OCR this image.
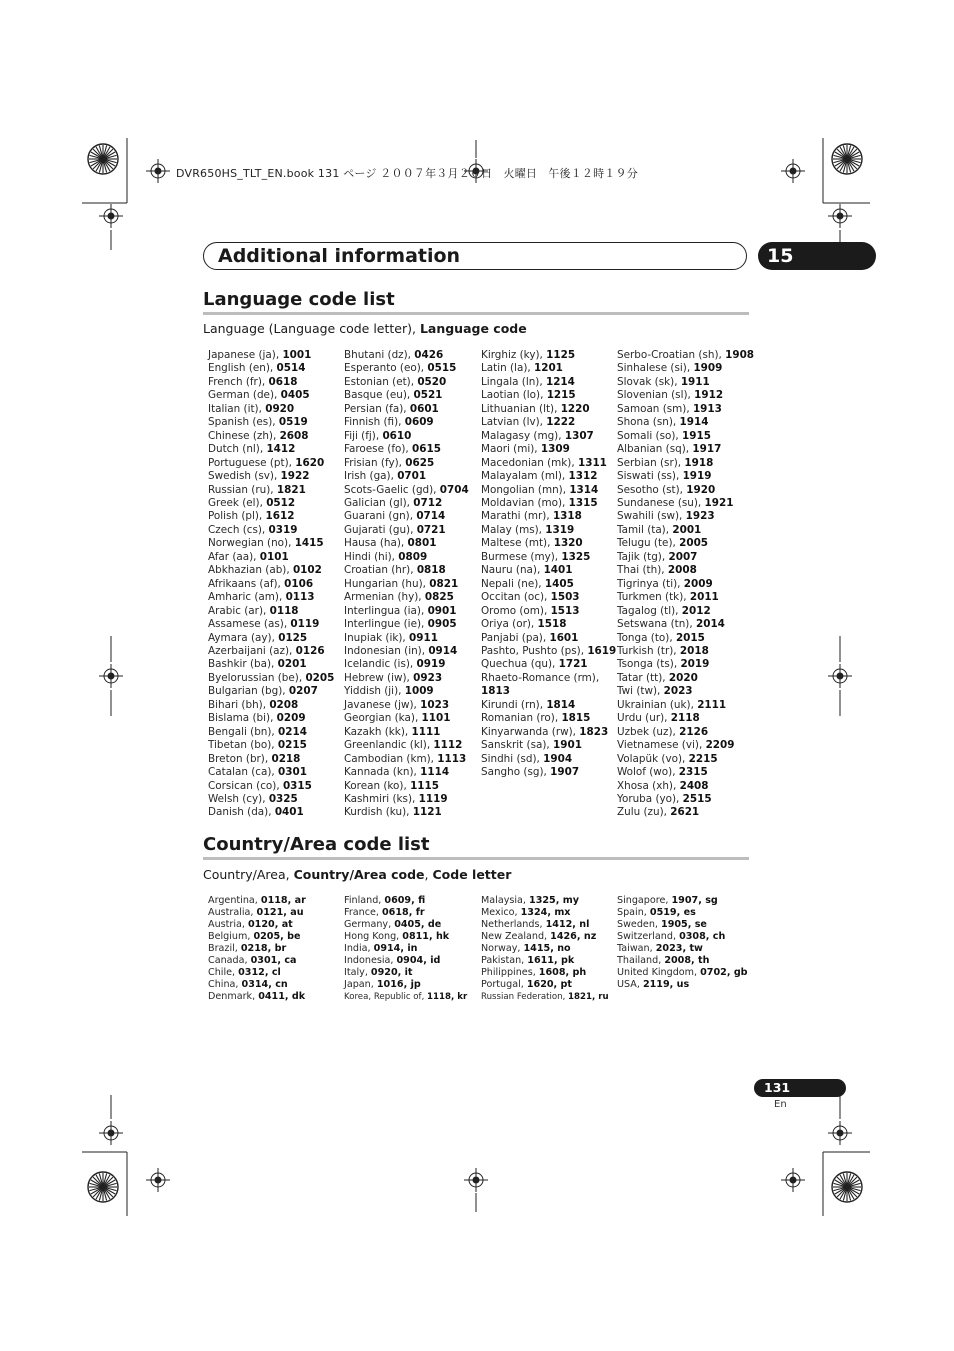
DVR650HS_TLT_EN.book 131 ページ ２００７年３月２０日　火曜日　午後１２時１９分
Additional information	15
Language code list
Language (Language code letter), Language code
Japanese (ja), 1001
English (en), 0514
French (fr), 0618
German (de), 0405
Italian (it), 0920
Spanish (es), 0519
Chinese (zh), 2608
Dutch (nl), 1412
Portuguese (pt), 1620
Swedish (sv), 1922
Russian (ru), 1821
Greek (el), 0512
Polish (pl), 1612
Czech (cs), 0319
Norwegian (no), 1415
Afar (aa), 0101
Abkhazian (ab), 0102
Afrikaans (af), 0106
Amharic (am), 0113
Arabic (ar), 0118
Assamese (as), 0119
Aymara (ay), 0125
Azerbaijani (az), 0126
Bashkir (ba), 0201
Byelorussian (be), 0205
Bulgarian (bg), 0207
Bihari (bh), 0208
Bislama (bi), 0209
Bengali (bn), 0214
Tibetan (bo), 0215
Breton (br), 0218
Catalan (ca), 0301
Corsican (co), 0315
Welsh (cy), 0325
Danish (da), 0401
Bhutani (dz), 0426
Esperanto (eo), 0515
Estonian (et), 0520
Basque (eu), 0521
Persian (fa), 0601
Finnish (fi), 0609
Fiji (fj), 0610
Faroese (fo), 0615
Frisian (fy), 0625
Irish (ga), 0701
Scots-Gaelic (gd), 0704
Galician (gl), 0712
Guarani (gn), 0714
Gujarati (gu), 0721
Hausa (ha), 0801
Hindi (hi), 0809
Croatian (hr), 0818
Hungarian (hu), 0821
Armenian (hy), 0825
Interlingua (ia), 0901
Interlingue (ie), 0905
Inupiak (ik), 0911
Indonesian (in), 0914
Icelandic (is), 0919
Hebrew (iw), 0923
Yiddish (ji), 1009
Javanese (jw), 1023
Georgian (ka), 1101
Kazakh (kk), 1111
Greenlandic (kl), 1112
Cambodian (km), 1113
Kannada (kn), 1114
Korean (ko), 1115
Kashmiri (ks), 1119
Kurdish (ku), 1121
Kirghiz (ky), 1125
Latin (la), 1201
Lingala (ln), 1214
Laotian (lo), 1215
Lithuanian (lt), 1220
Latvian (lv), 1222
Malagasy (mg), 1307
Maori (mi), 1309
Macedonian (mk), 1311
Malayalam (ml), 1312
Mongolian (mn), 1314
Moldavian (mo), 1315
Marathi (mr), 1318
Malay (ms), 1319
Maltese (mt), 1320
Burmese (my), 1325
Nauru (na), 1401
Nepali (ne), 1405
Occitan (oc), 1503
Oromo (om), 1513
Oriya (or), 1518
Panjabi (pa), 1601
Pashto, Pushto (ps), 1619
Quechua (qu), 1721
Rhaeto-Romance (rm),
1813
Kirundi (rn), 1814
Romanian (ro), 1815
Kinyarwanda (rw), 1823
Sanskrit (sa), 1901
Sindhi (sd), 1904
Sangho (sg), 1907
Serbo-Croatian (sh), 1908
Sinhalese (si), 1909
Slovak (sk), 1911
Slovenian (sl), 1912
Samoan (sm), 1913
Shona (sn), 1914
Somali (so), 1915
Albanian (sq), 1917
Serbian (sr), 1918
Siswati (ss), 1919
Sesotho (st), 1920
Sundanese (su), 1921
Swahili (sw), 1923
Tamil (ta), 2001
Telugu (te), 2005
Tajik (tg), 2007
Thai (th), 2008
Tigrinya (ti), 2009
Turkmen (tk), 2011
Tagalog (tl), 2012
Setswana (tn), 2014
Tonga (to), 2015
Turkish (tr), 2018
Tsonga (ts), 2019
Tatar (tt), 2020
Twi (tw), 2023
Ukrainian (uk), 2111
Urdu (ur), 2118
Uzbek (uz), 2126
Vietnamese (vi), 2209
Volapük (vo), 2215
Wolof (wo), 2315
Xhosa (xh), 2408
Yoruba (yo), 2515
Zulu (zu), 2621
Country/Area code list
Country/Area, Country/Area code, Code letter
Argentina, 0118, ar
Australia, 0121, au
Austria, 0120, at
Belgium, 0205, be
Brazil, 0218, br
Canada, 0301, ca
Chile, 0312, cl
China, 0314, cn
Denmark, 0411, dk
Finland, 0609, fi
France, 0618, fr
Germany, 0405, de
Hong Kong, 0811, hk
India, 0914, in
Indonesia, 0904, id
Italy, 0920, it
Japan, 1016, jp
Korea, Republic of, 1118, kr
Malaysia, 1325, my
Mexico, 1324, mx
Netherlands, 1412, nl
New Zealand, 1426, nz
Norway, 1415, no
Pakistan, 1611, pk
Philippines, 1608, ph
Portugal, 1620, pt
Russian Federation, 1821, ru
Singapore, 1907, sg
Spain, 0519, es
Sweden, 1905, se
Switzerland, 0308, ch
Taiwan, 2023, tw
Thailand, 2008, th
United Kingdom, 0702, gb
USA, 2119, us
131
En
